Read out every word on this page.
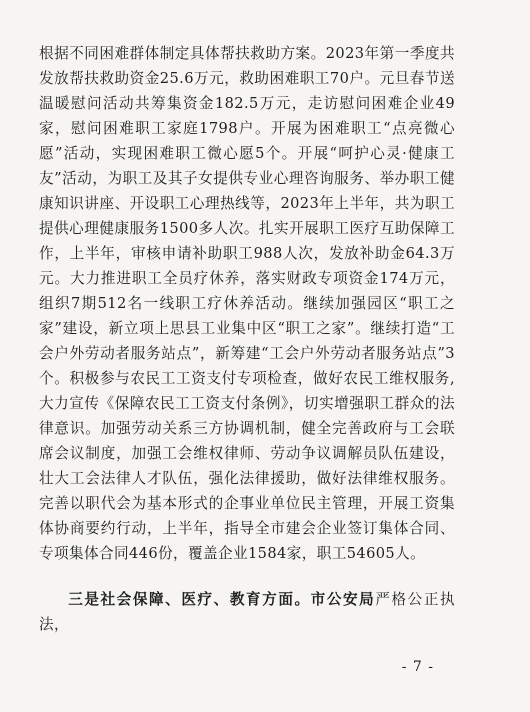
根据不同困难群体制定具体帮扶救助方案。2023年第一季度共发放帮扶救助资金25.6万元，救助困难职工70户。元旦春节送温暖慰问活动共筹集资金182.5万元，走访慰问困难企业49家，慰问困难职工家庭1798户。开展为困难职工“点亮微心愿”活动，实现困难职工微心愿5个。开展“呵护心灵·健康工友”活动，为职工及其子女提供专业心理咨询服务、举办职工健康知识讲座、开设职工心理热线等，2023年上半年，共为职工提供心理健康服务1500多人次。扎实开展职工医疗互助保障工作，上半年，审核申请补助职工988人次，发放补助金64.3万元。大力推进职工全员疗休养，落实财政专项资金174万元，组织7期512名一线职工疗休养活动。继续加强园区“职工之家”建设，新立项上思县工业集中区“职工之家”。继续打造“工会户外劳动者服务站点”，新筹建“工会户外劳动者服务站点”3个。积极参与农民工工资支付专项检查，做好农民工维权服务,大力宣传《保障农民工工资支付条例》，切实增强职工群众的法律意识。加强劳动关系三方协调机制，健全完善政府与工会联席会议制度，加强工会维权律师、劳动争议调解员队伍建设，壮大工会法律人才队伍，强化法律援助，做好法律维权服务。完善以职代会为基本形式的企事业单位民主管理，开展工资集体协商要约行动，上半年，指导全市建会企业签订集体合同、专项集体合同446份，覆盖企业1584家，职工54605人。

三是社会保障、医疗、教育方面。市公安局严格公正执法，

- 7 -
